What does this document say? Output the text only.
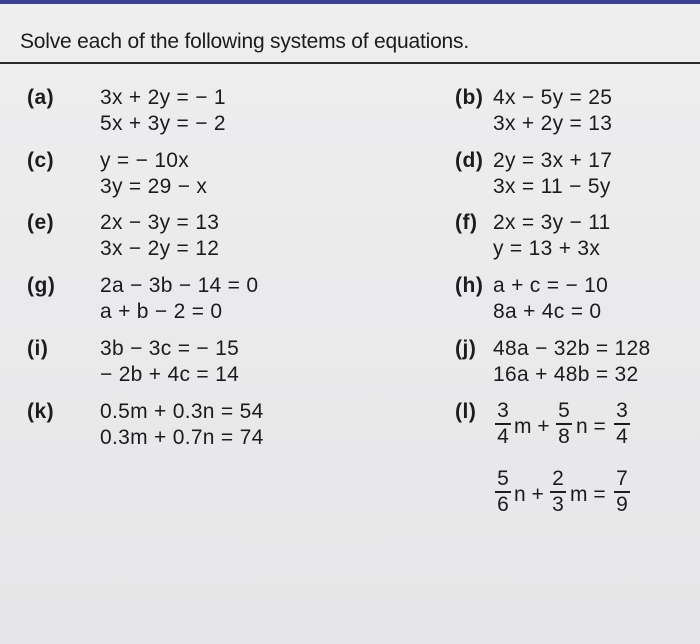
Solve each of the following systems of equations.
(a) 3x + 2y = − 1
5x + 3y = − 2
(b) 4x − 5y = 25
3x + 2y = 13
(c) y = − 10x
3y = 29 − x
(d) 2y = 3x + 17
3x = 11 − 5y
(e) 2x − 3y = 13
3x − 2y = 12
(f) 2x = 3y − 11
y = 13 + 3x
(g) 2a − 3b − 14 = 0
a + b − 2 = 0
(h) a + c = − 10
8a + 4c = 0
(i) 3b − 3c = − 15
− 2b + 4c = 14
(j) 48a − 32b = 128
16a + 48b = 32
(k) 0.5m + 0.3n = 54
0.3m + 0.7n = 74
(l) 3
4 m +
5
8 n =
3
4
5
6 n +
2
3 m =
7
9
